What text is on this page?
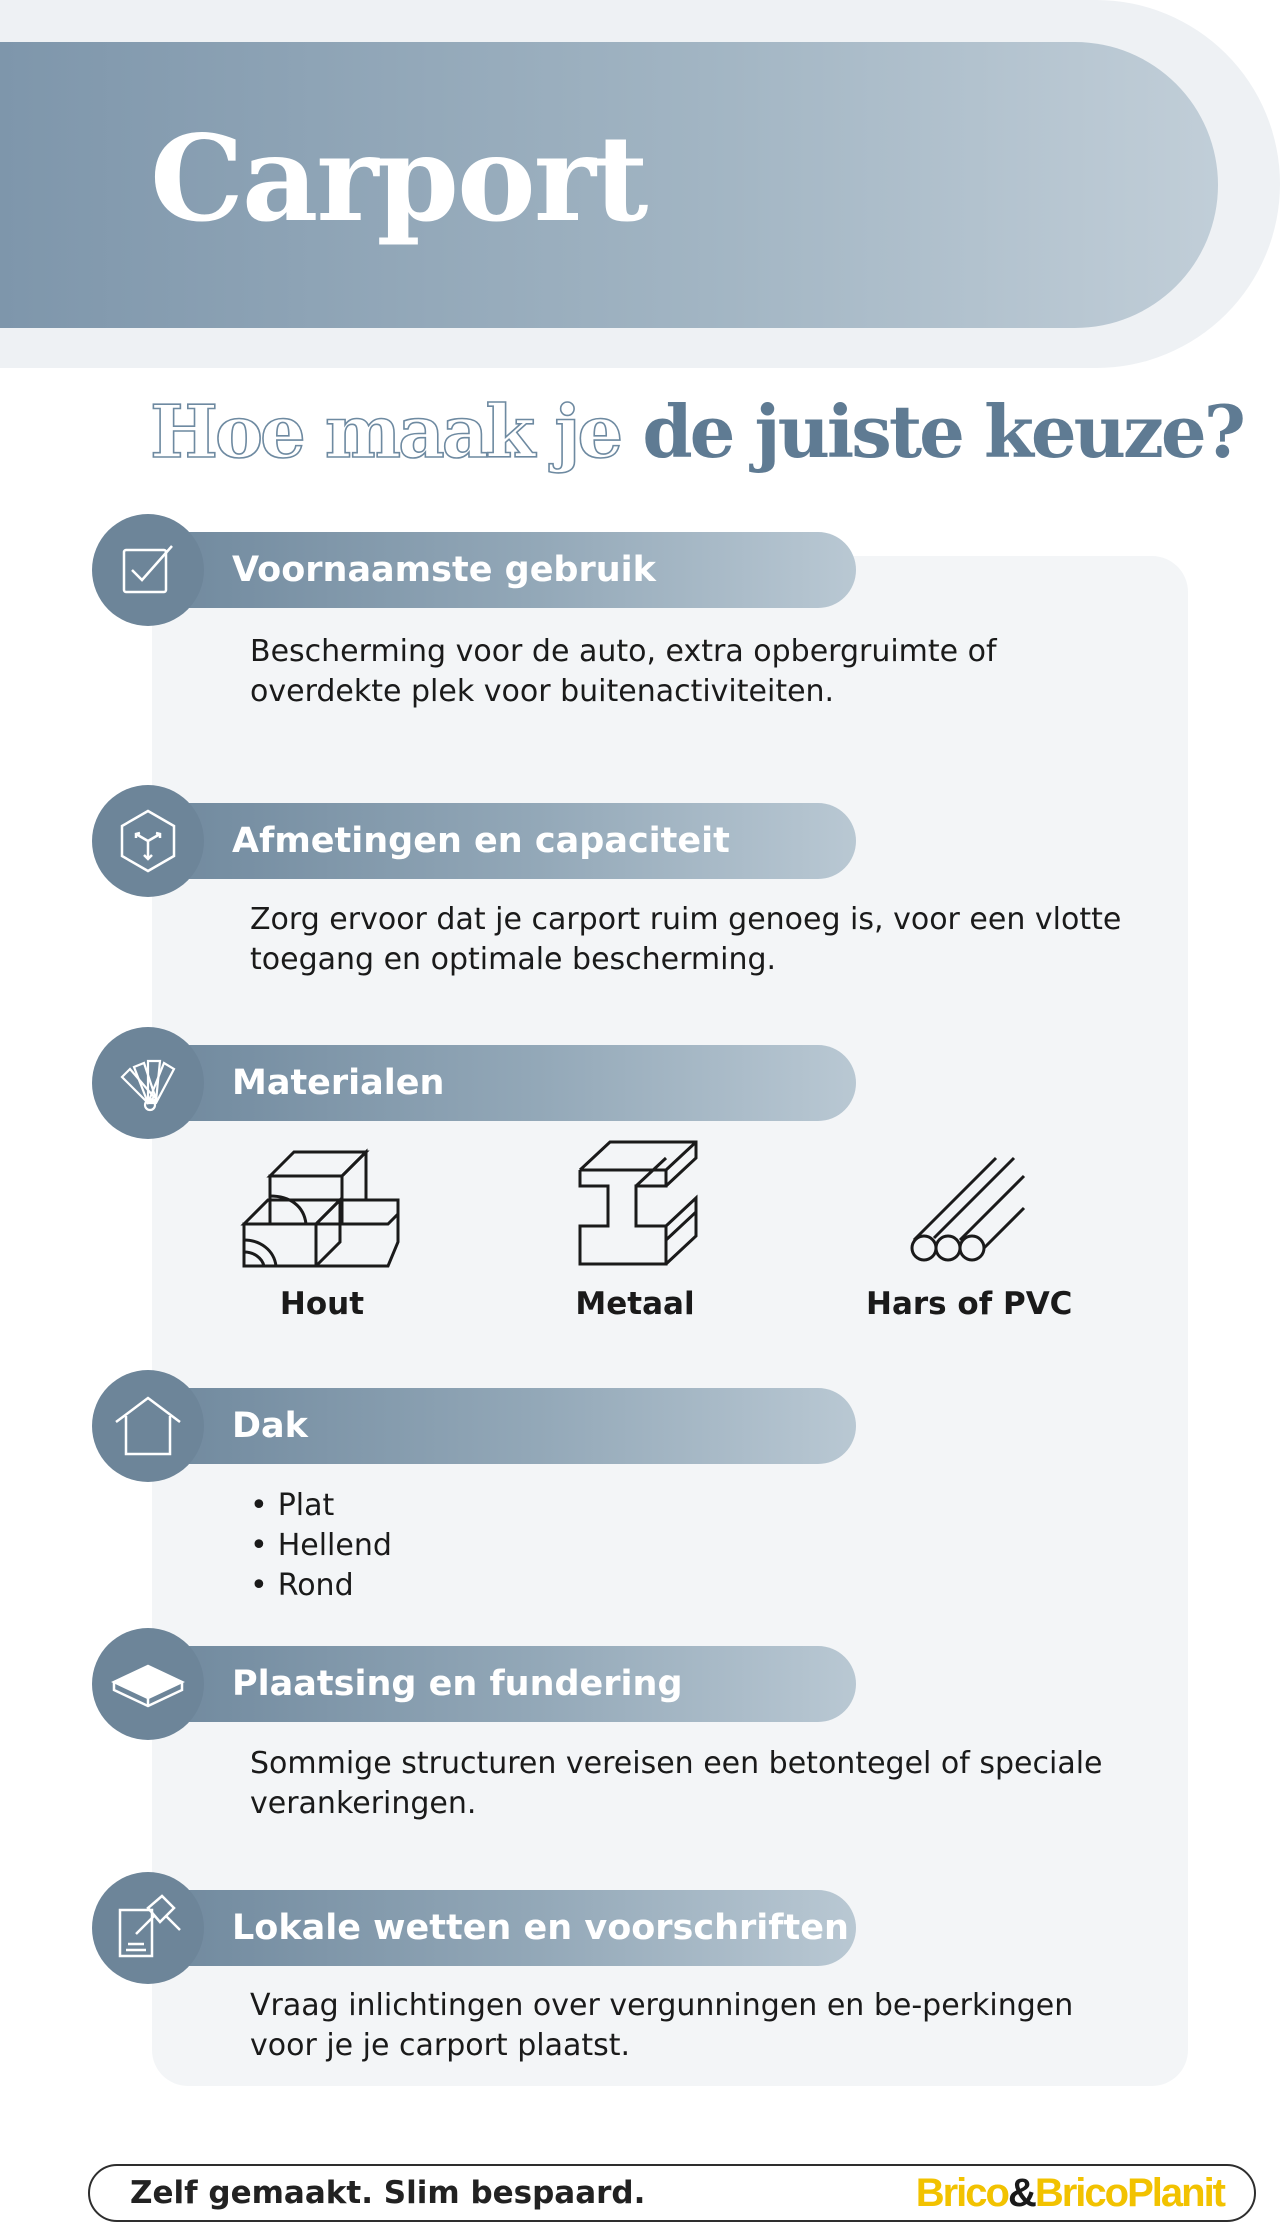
Carport
Hoe maak je de juiste keuze?
Voornaamste gebruik

Bescherming voor de auto, extra opbergruimte of overdekte plek voor buitenactiviteiten.

Afmetingen en capaciteit

Zorg ervoor dat je carport ruim genoeg is, voor een vlotte toegang en optimale bescherming.

Materialen
Hout	Metaal	Hars of PVC
Dak
• Plat
• Hellend
• Rond
Plaatsing en fundering

Sommige structuren vereisen een betontegel of speciale verankeringen.

Lokale wetten en voorschriften

Vraag inlichtingen over vergunningen en be-perkingen voor je je carport plaatst.

Zelf gemaakt. Slim bespaard.	Brico&BricoPlanit
